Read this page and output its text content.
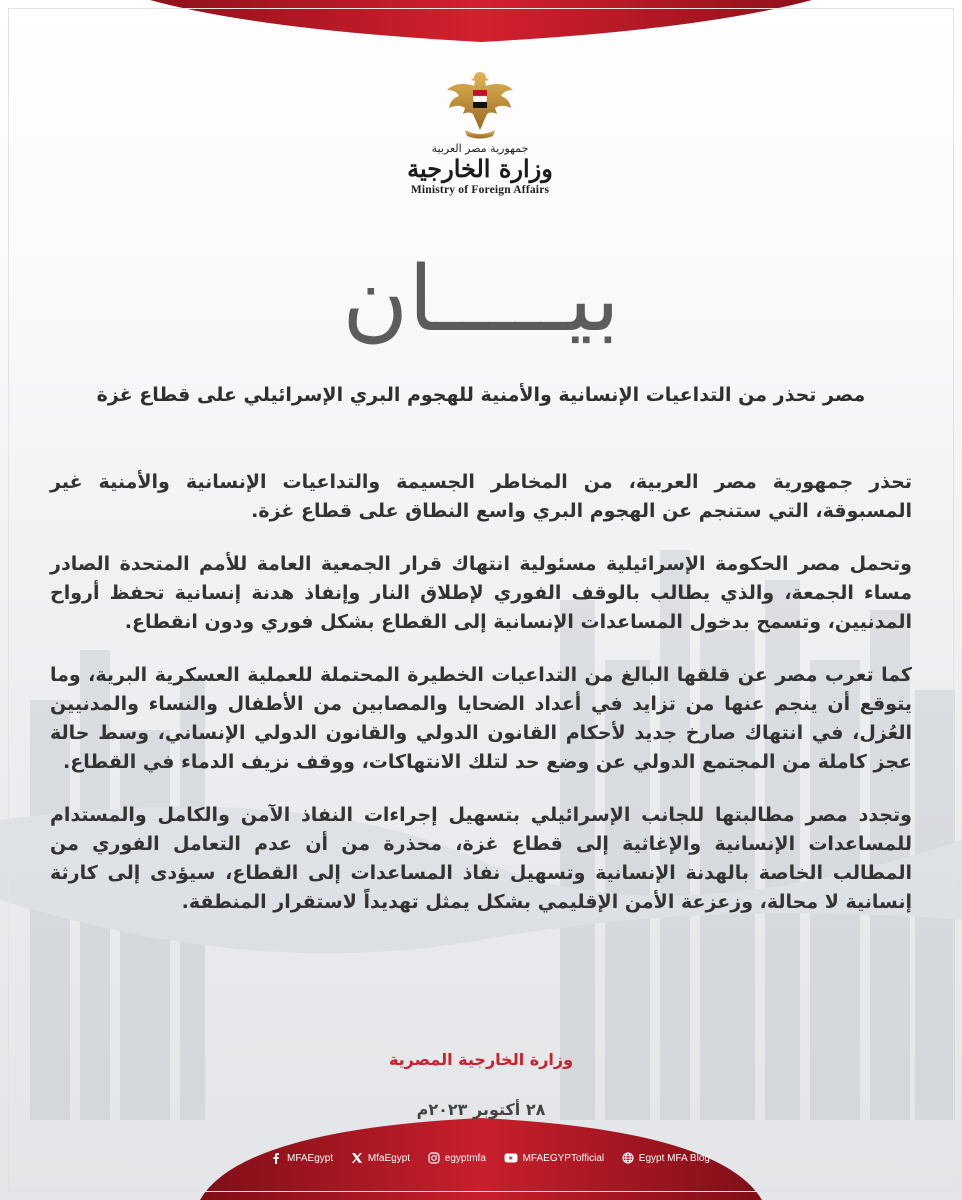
جمهورية مصر العربية
وزارة الخارجية
Ministry of Foreign Affairs
بيـــــان
مصر تحذر من التداعيات الإنسانية والأمنية للهجوم البري الإسرائيلي على قطاع غزة

تحذر جمهورية مصر العربية، من المخاطر الجسيمة والتداعيات الإنسانية والأمنية غير المسبوقة، التي ستنجم عن الهجوم البري واسع النطاق على قطاع غزة.

وتحمل مصر الحكومة الإسرائيلية مسئولية انتهاك قرار الجمعية العامة للأمم المتحدة الصادر مساء الجمعة، والذي يطالب بالوقف الفوري لإطلاق النار وإنفاذ هدنة إنسانية تحفظ أرواح المدنيين، وتسمح بدخول المساعدات الإنسانية إلى القطاع بشكل فوري ودون انقطاع.

كما تعرب مصر عن قلقها البالغ من التداعيات الخطيرة المحتملة للعملية العسكرية البرية، وما يتوقع أن ينجم عنها من تزايد في أعداد الضحايا والمصابين من الأطفال والنساء والمدنيين العُزل، في انتهاك صارخ جديد لأحكام القانون الدولي والقانون الدولي الإنساني، وسط حالة عجز كاملة من المجتمع الدولي عن وضع حد لتلك الانتهاكات، ووقف نزيف الدماء في القطاع.

وتجدد مصر مطالبتها للجانب الإسرائيلي بتسهيل إجراءات النفاذ الآمن والكامل والمستدام للمساعدات الإنسانية والإغاثية إلى قطاع غزة، محذرة من أن عدم التعامل الفوري من المطالب الخاصة بالهدنة الإنسانية وتسهيل نفاذ المساعدات إلى القطاع، سيؤدى إلى كارثة إنسانية لا محالة، وزعزعة الأمن الإقليمي بشكل يمثل تهديداً لاستقرار المنطقة.

وزارة الخارجية المصرية
٢٨ أكتوبر ٢٠٢٣م
MFAEgypt	MfaEgypt	egyptmfa	MFAEGYPTofficial	Egypt MFA Blog
